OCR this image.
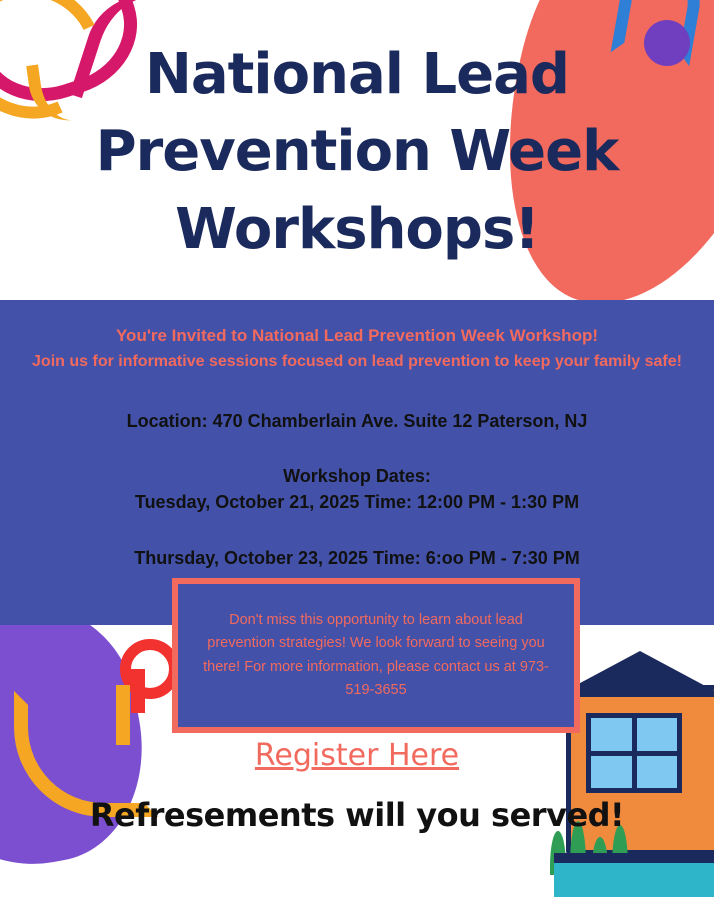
National Lead
Prevention Week
Workshops!
You're Invited to National Lead Prevention Week Workshop!
Join us for informative sessions focused on lead prevention to keep your family safe!
Location: 470 Chamberlain Ave. Suite 12 Paterson, NJ
Workshop Dates:
Tuesday, October 21, 2025 Time: 12:00 PM - 1:30 PM
Thursday, October 23, 2025 Time: 6:oo PM - 7:30 PM
Don't miss this opportunity to learn about lead prevention strategies! We look forward to seeing you there! For more information, please contact us at 973-519-3655
Register Here
Refresements will you served!
